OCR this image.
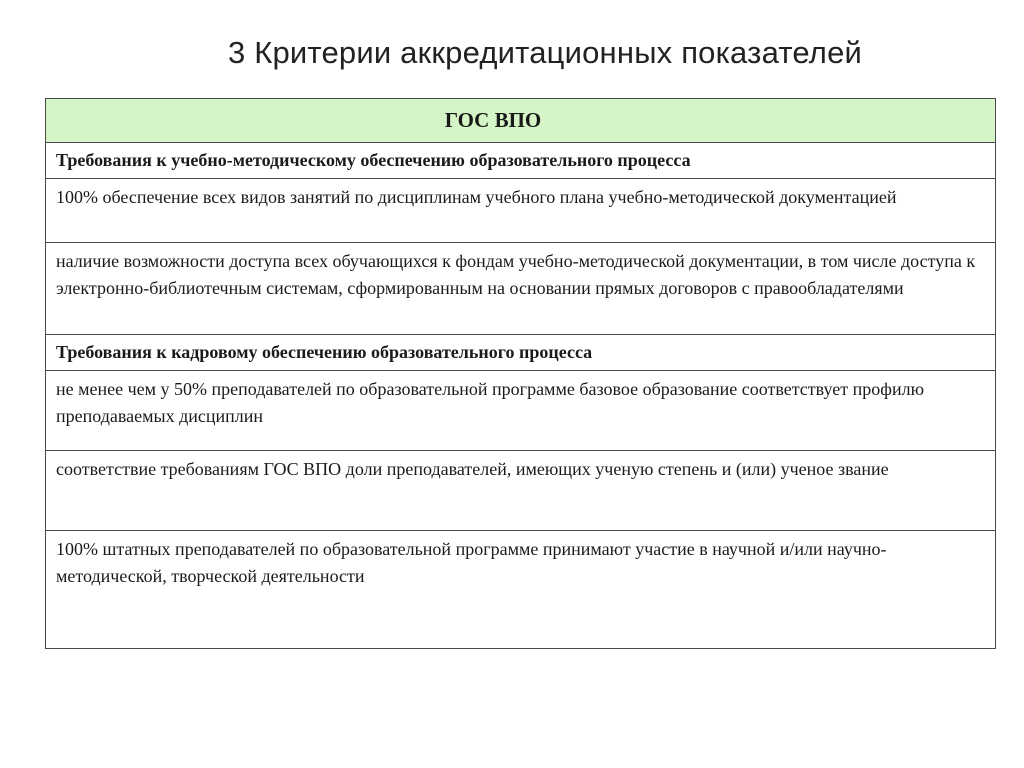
3 Критерии аккредитационных показателей
ГОС ВПО
Требования к учебно-методическому обеспечению образовательного процесса
100% обеспечение всех видов занятий по дисциплинам учебного плана учебно-методической документацией
наличие возможности доступа всех обучающихся к фондам учебно-методической документации, в том числе доступа к электронно-библиотечным системам, сформированным на основании прямых договоров с правообладателями
Требования к кадровому обеспечению образовательного процесса
не менее чем у 50% преподавателей по образовательной программе базовое образование соответствует профилю преподаваемых дисциплин
соответствие требованиям ГОС ВПО доли преподавателей, имеющих ученую степень и (или) ученое звание
100% штатных преподавателей по образовательной программе принимают участие в научной и/или научно-методической, творческой деятельности
